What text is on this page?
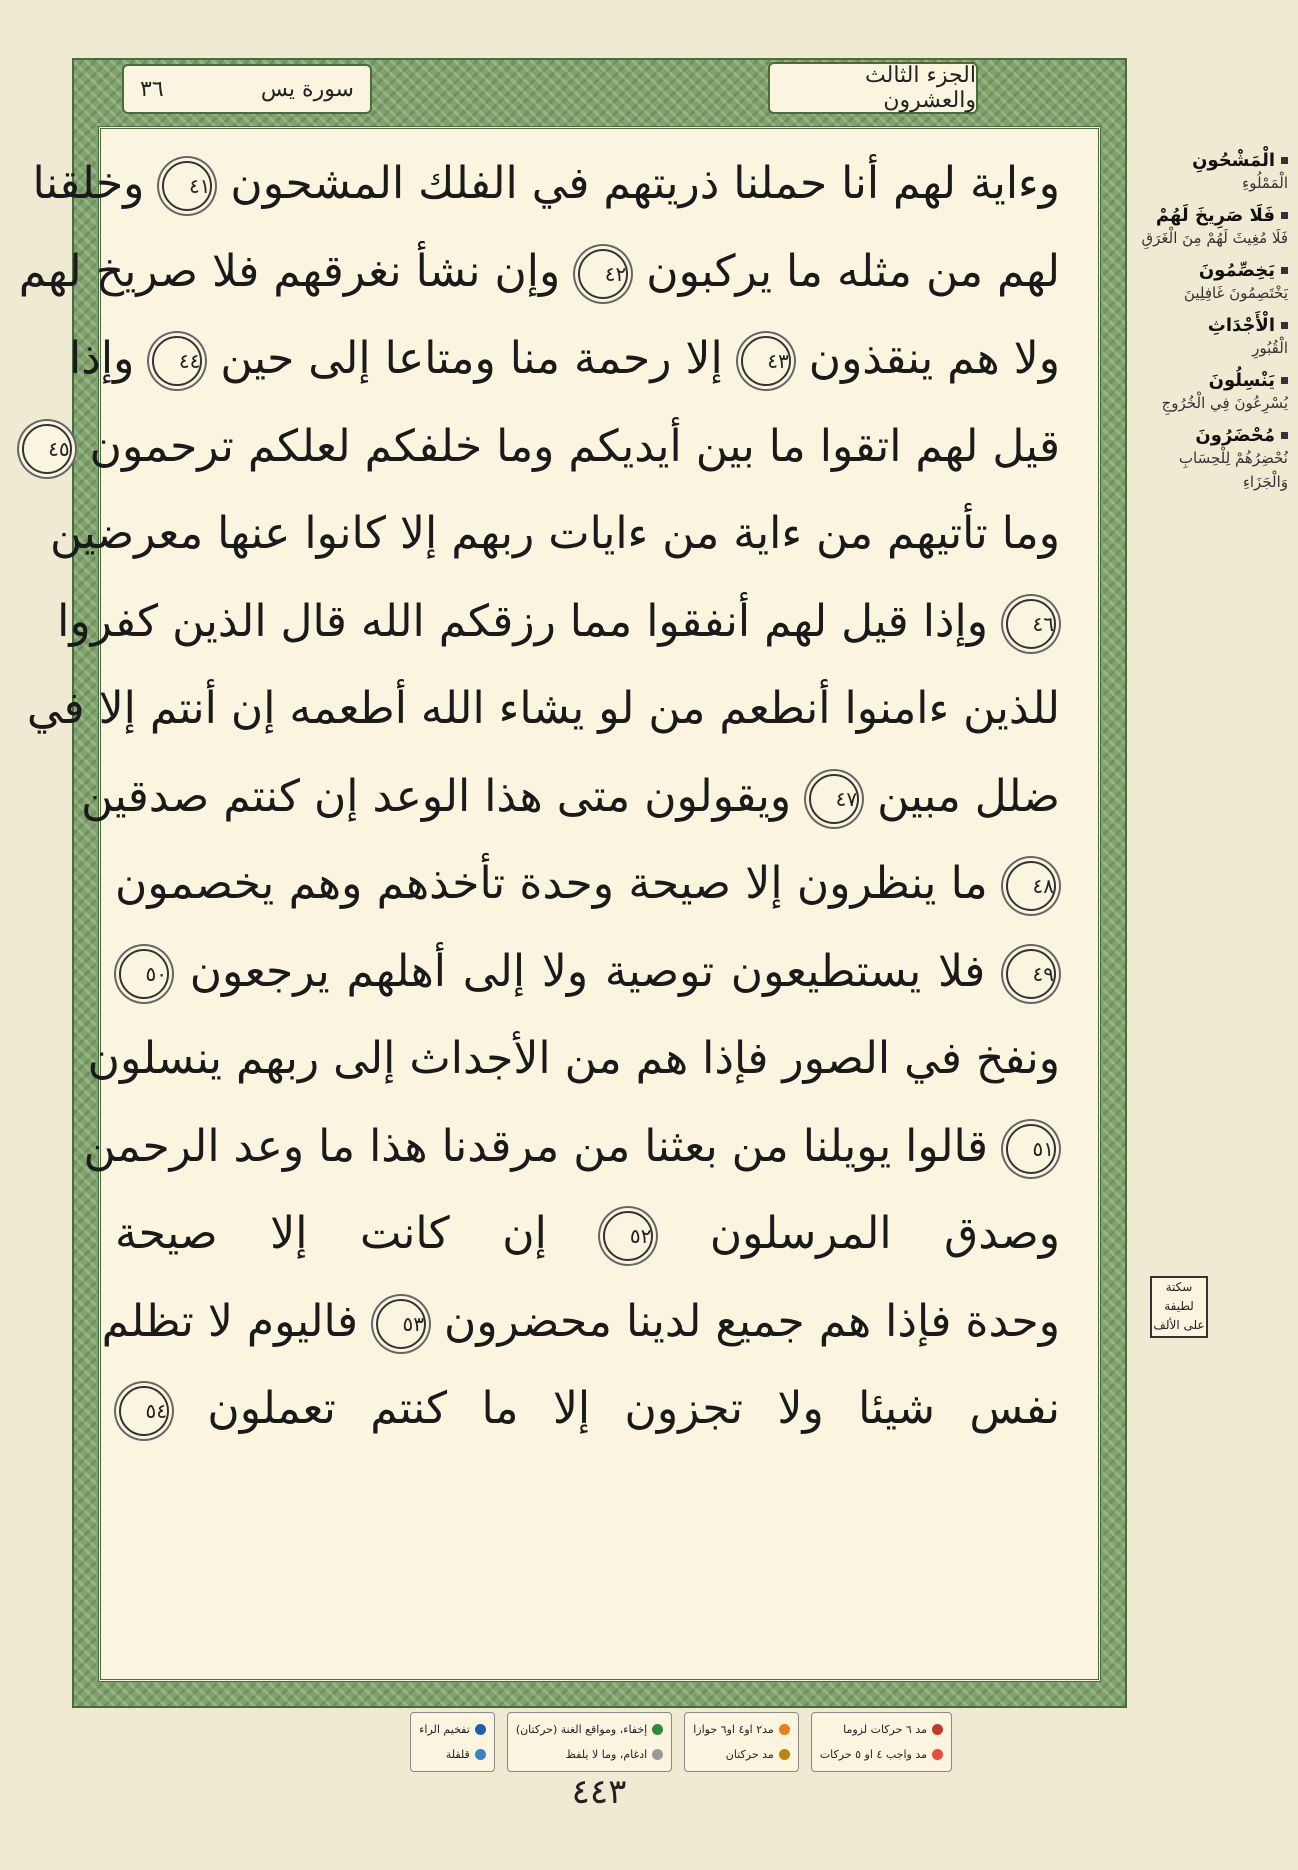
٣٦	سورة يس
الجزء الثالث والعشرون
وءاية لهم أنا حملنا ذريتهم في الفلك المشحون ٤١ وخلقنا
لهم من مثله ما يركبون ٤٢ وإن نشأ نغرقهم فلا صريخ لهم
ولا هم ينقذون ٤٣ إلا رحمة منا ومتاعا إلى حين ٤٤ وإذا
قيل لهم اتقوا ما بين أيديكم وما خلفكم لعلكم ترحمون ٤٥
وما تأتيهم من ءاية من ءايات ربهم إلا كانوا عنها معرضين
٤٦ وإذا قيل لهم أنفقوا مما رزقكم الله قال الذين كفروا
للذين ءامنوا أنطعم من لو يشاء الله أطعمه إن أنتم إلا في
ضلل مبين ٤٧ ويقولون متى هذا الوعد إن كنتم صدقين
٤٨ ما ينظرون إلا صيحة وحدة تأخذهم وهم يخصمون
٤٩ فلا يستطيعون توصية ولا إلى أهلهم يرجعون ٥٠
ونفخ في الصور فإذا هم من الأجداث إلى ربهم ينسلون
٥١ قالوا يويلنا من بعثنا من مرقدنا هذا ما وعد الرحمن
وصدق المرسلون ٥٢ إن كانت إلا صيحة
وحدة فإذا هم جميع لدينا محضرون ٥٣ فاليوم لا تظلم
نفس شيئا ولا تجزون إلا ما كنتم تعملون ٥٤
الْمَشْحُونِ
الْمَمْلُوءِ
فَلَا صَرِيخَ لَهُمْ
فَلَا مُغِيثَ لَهُمْ مِنَ الْغَرَقِ
يَخِصِّمُونَ
يَخْتَصِمُونَ غَافِلِينَ
الْأَجْدَاثِ
الْقُبُورِ
يَنْسِلُونَ
يُسْرِعُونَ فِي الْخُرُوجِ
مُحْضَرُونَ
نُحْضِرُهُمْ لِلْحِسَابِ وَالْجَزَاءِ
سكتة
لطيفة
على الألف
مد ٦ حركات لزوما
مد واجب ٤ او ٥ حركات
مد٢ او٤ او٦ جوازا
مد حركتان
إخفاء، ومواقع الغنة (حركتان)
ادغام، وما لا يلفظ
تفخيم الراء
قلقلة
٤٤٣
